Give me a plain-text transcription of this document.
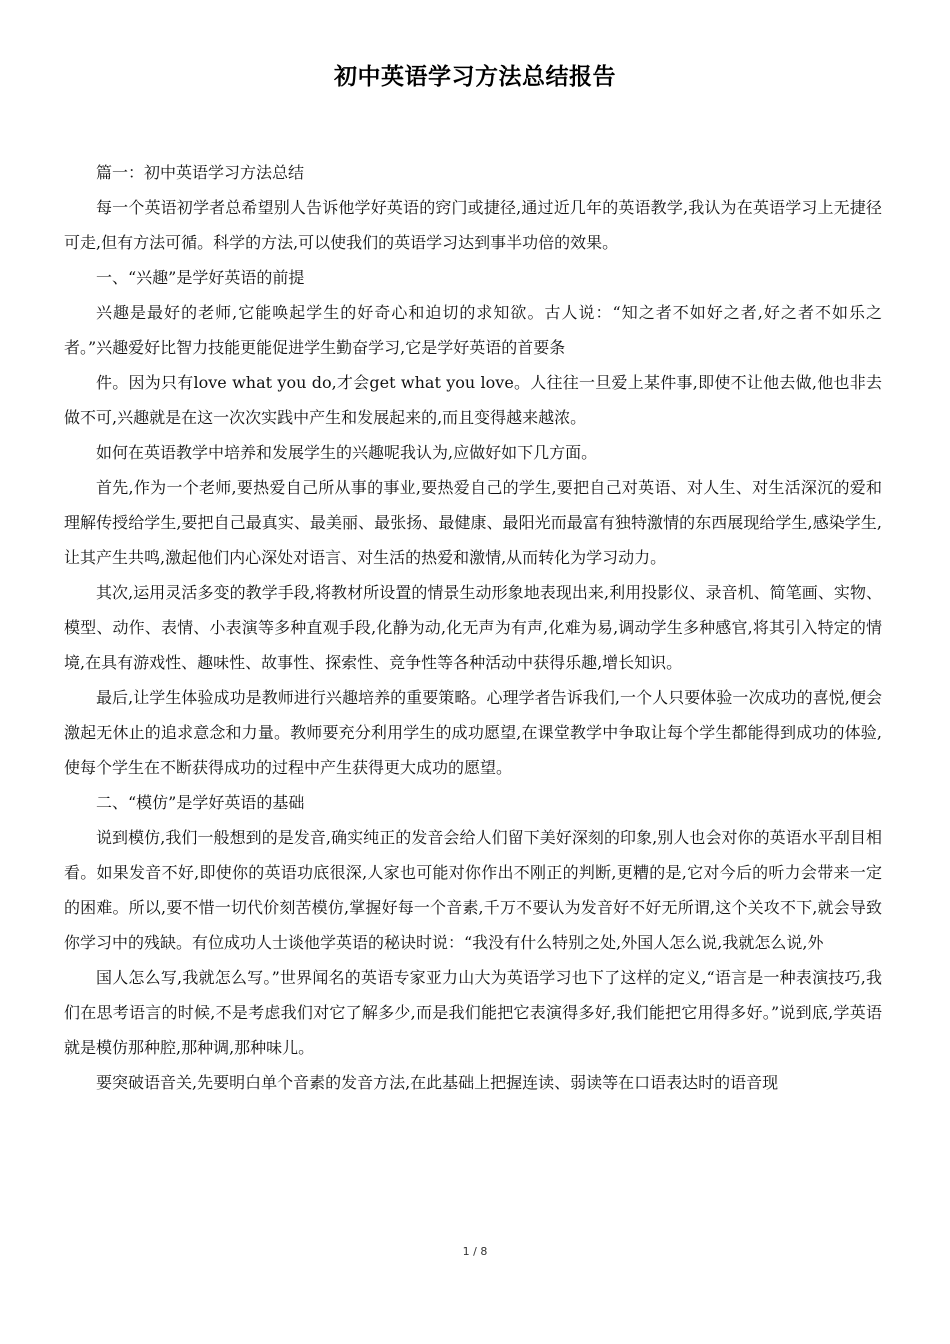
初中英语学习方法总结报告

篇一：初中英语学习方法总结

每一个英语初学者总希望别人告诉他学好英语的窍门或捷径,通过近几年的英语教学,我认为在英语学习上无捷径可走,但有方法可循。科学的方法,可以使我们的英语学习达到事半功倍的效果。

一、“兴趣”是学好英语的前提

兴趣是最好的老师,它能唤起学生的好奇心和迫切的求知欲。古人说：“知之者不如好之者,好之者不如乐之者。”兴趣爱好比智力技能更能促进学生勤奋学习,它是学好英语的首要条

件。因为只有love what you do,才会get what you love。人往往一旦爱上某件事,即使不让他去做,他也非去做不可,兴趣就是在这一次次实践中产生和发展起来的,而且变得越来越浓。

如何在英语教学中培养和发展学生的兴趣呢我认为,应做好如下几方面。

首先,作为一个老师,要热爱自己所从事的事业,要热爱自己的学生,要把自己对英语、对人生、对生活深沉的爱和理解传授给学生,要把自己最真实、最美丽、最张扬、最健康、最阳光而最富有独特激情的东西展现给学生,感染学生,让其产生共鸣,激起他们内心深处对语言、对生活的热爱和激情,从而转化为学习动力。

其次,运用灵活多变的教学手段,将教材所设置的情景生动形象地表现出来,利用投影仪、录音机、简笔画、实物、模型、动作、表情、小表演等多种直观手段,化静为动,化无声为有声,化难为易,调动学生多种感官,将其引入特定的情境,在具有游戏性、趣味性、故事性、探索性、竞争性等各种活动中获得乐趣,增长知识。

最后,让学生体验成功是教师进行兴趣培养的重要策略。心理学者告诉我们,一个人只要体验一次成功的喜悦,便会激起无休止的追求意念和力量。教师要充分利用学生的成功愿望,在课堂教学中争取让每个学生都能得到成功的体验,使每个学生在不断获得成功的过程中产生获得更大成功的愿望。

二、“模仿”是学好英语的基础

说到模仿,我们一般想到的是发音,确实纯正的发音会给人们留下美好深刻的印象,别人也会对你的英语水平刮目相看。如果发音不好,即使你的英语功底很深,人家也可能对你作出不刚正的判断,更糟的是,它对今后的听力会带来一定的困难。所以,要不惜一切代价刻苦模仿,掌握好每一个音素,千万不要认为发音好不好无所谓,这个关攻不下,就会导致你学习中的残缺。有位成功人士谈他学英语的秘诀时说：“我没有什么特别之处,外国人怎么说,我就怎么说,外

国人怎么写,我就怎么写。”世界闻名的英语专家亚力山大为英语学习也下了这样的定义,“语言是一种表演技巧,我们在思考语言的时候,不是考虑我们对它了解多少,而是我们能把它表演得多好,我们能把它用得多好。”说到底,学英语就是模仿那种腔,那种调,那种味儿。

要突破语音关,先要明白单个音素的发音方法,在此基础上把握连读、弱读等在口语表达时的语音现

1 / 8
